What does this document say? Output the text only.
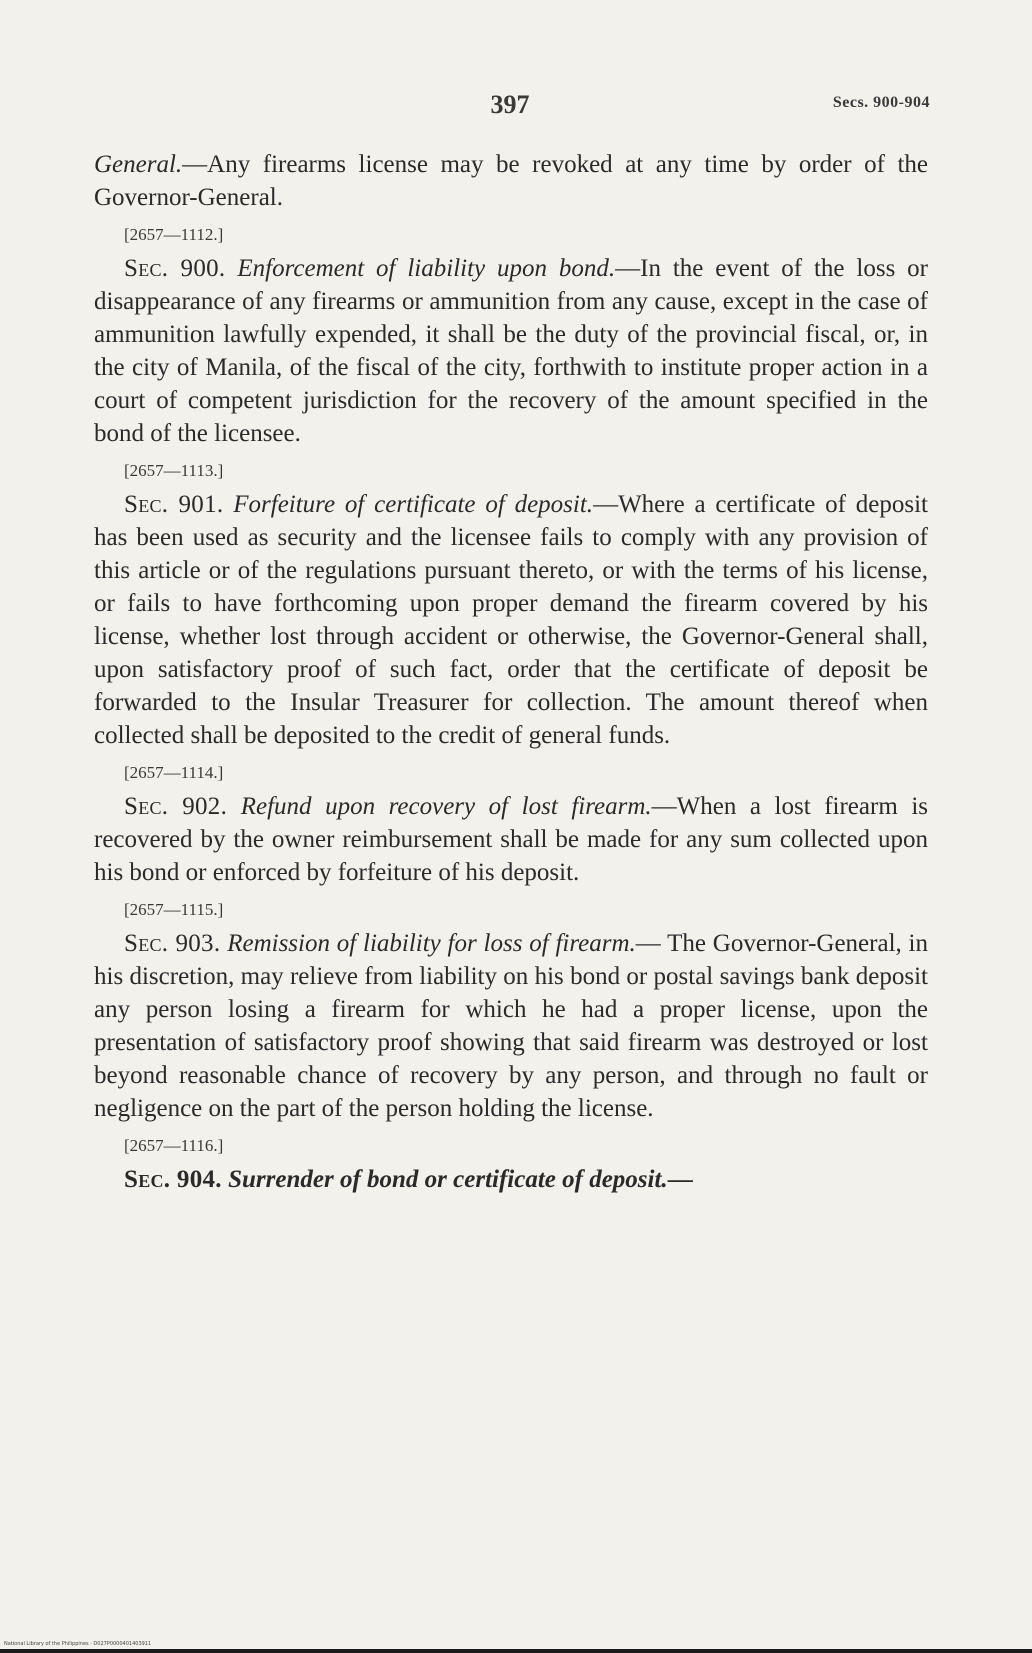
397	Secs. 900-904

General.—Any firearms license may be revoked at any time by order of the Governor-General.

[2657—1112.]

Sec. 900. Enforcement of liability upon bond.—In the event of the loss or disappearance of any firearms or ammunition from any cause, except in the case of ammunition lawfully expended, it shall be the duty of the provincial fiscal, or, in the city of Manila, of the fiscal of the city, forthwith to institute proper action in a court of competent jurisdiction for the recovery of the amount specified in the bond of the licensee.

[2657—1113.]

Sec. 901. Forfeiture of certificate of deposit.—Where a certificate of deposit has been used as security and the licensee fails to comply with any provision of this article or of the regulations pursuant thereto, or with the terms of his license, or fails to have forthcoming upon proper demand the firearm covered by his license, whether lost through accident or otherwise, the Governor-General shall, upon satisfactory proof of such fact, order that the certificate of deposit be forwarded to the Insular Treasurer for collection. The amount thereof when collected shall be deposited to the credit of general funds.

[2657—1114.]

Sec. 902. Refund upon recovery of lost firearm.—When a lost firearm is recovered by the owner reimbursement shall be made for any sum collected upon his bond or enforced by forfeiture of his deposit.

[2657—1115.]

Sec. 903. Remission of liability for loss of firearm.— The Governor-General, in his discretion, may relieve from liability on his bond or postal savings bank deposit any person losing a firearm for which he had a proper license, upon the presentation of satisfactory proof showing that said firearm was destroyed or lost beyond reasonable chance of recovery by any person, and through no fault or negligence on the part of the person holding the license.

[2657—1116.]

Sec. 904. Surrender of bond or certificate of deposit.—

National Library of the Philippines · D027P0000401403911
